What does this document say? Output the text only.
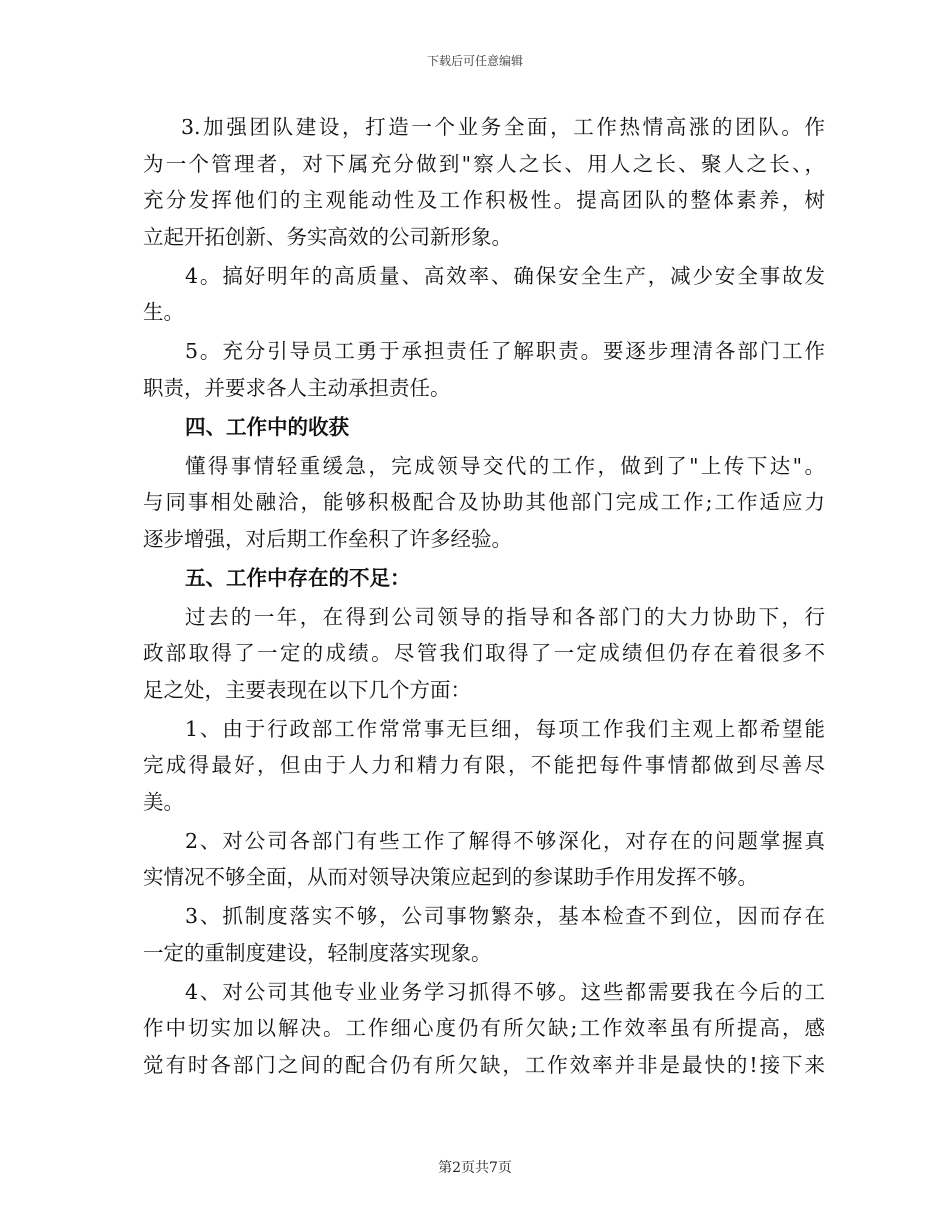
下载后可任意编辑
3.加强团队建设，打造一个业务全面，工作热情高涨的团队。作
为一个管理者，对下属充分做到"察人之长、用人之长、聚人之长、，
充分发挥他们的主观能动性及工作积极性。提高团队的整体素养，树
立起开拓创新、务实高效的公司新形象。
4。搞好明年的高质量、高效率、确保安全生产，减少安全事故发
生。
5。充分引导员工勇于承担责任了解职责。要逐步理清各部门工作
职责，并要求各人主动承担责任。
四、工作中的收获
懂得事情轻重缓急，完成领导交代的工作，做到了"上传下达"。
与同事相处融洽，能够积极配合及协助其他部门完成工作;工作适应力
逐步增强，对后期工作垒积了许多经验。
五、工作中存在的不足：
过去的一年，在得到公司领导的指导和各部门的大力协助下，行
政部取得了一定的成绩。尽管我们取得了一定成绩但仍存在着很多不
足之处，主要表现在以下几个方面：
1、由于行政部工作常常事无巨细，每项工作我们主观上都希望能
完成得最好，但由于人力和精力有限，不能把每件事情都做到尽善尽
美。
2、对公司各部门有些工作了解得不够深化，对存在的问题掌握真
实情况不够全面，从而对领导决策应起到的参谋助手作用发挥不够。
3、抓制度落实不够，公司事物繁杂，基本检查不到位，因而存在
一定的重制度建设，轻制度落实现象。
4、对公司其他专业业务学习抓得不够。这些都需要我在今后的工
作中切实加以解决。工作细心度仍有所欠缺;工作效率虽有所提高，感
觉有时各部门之间的配合仍有所欠缺，工作效率并非是最快的!接下来
第2页共7页
